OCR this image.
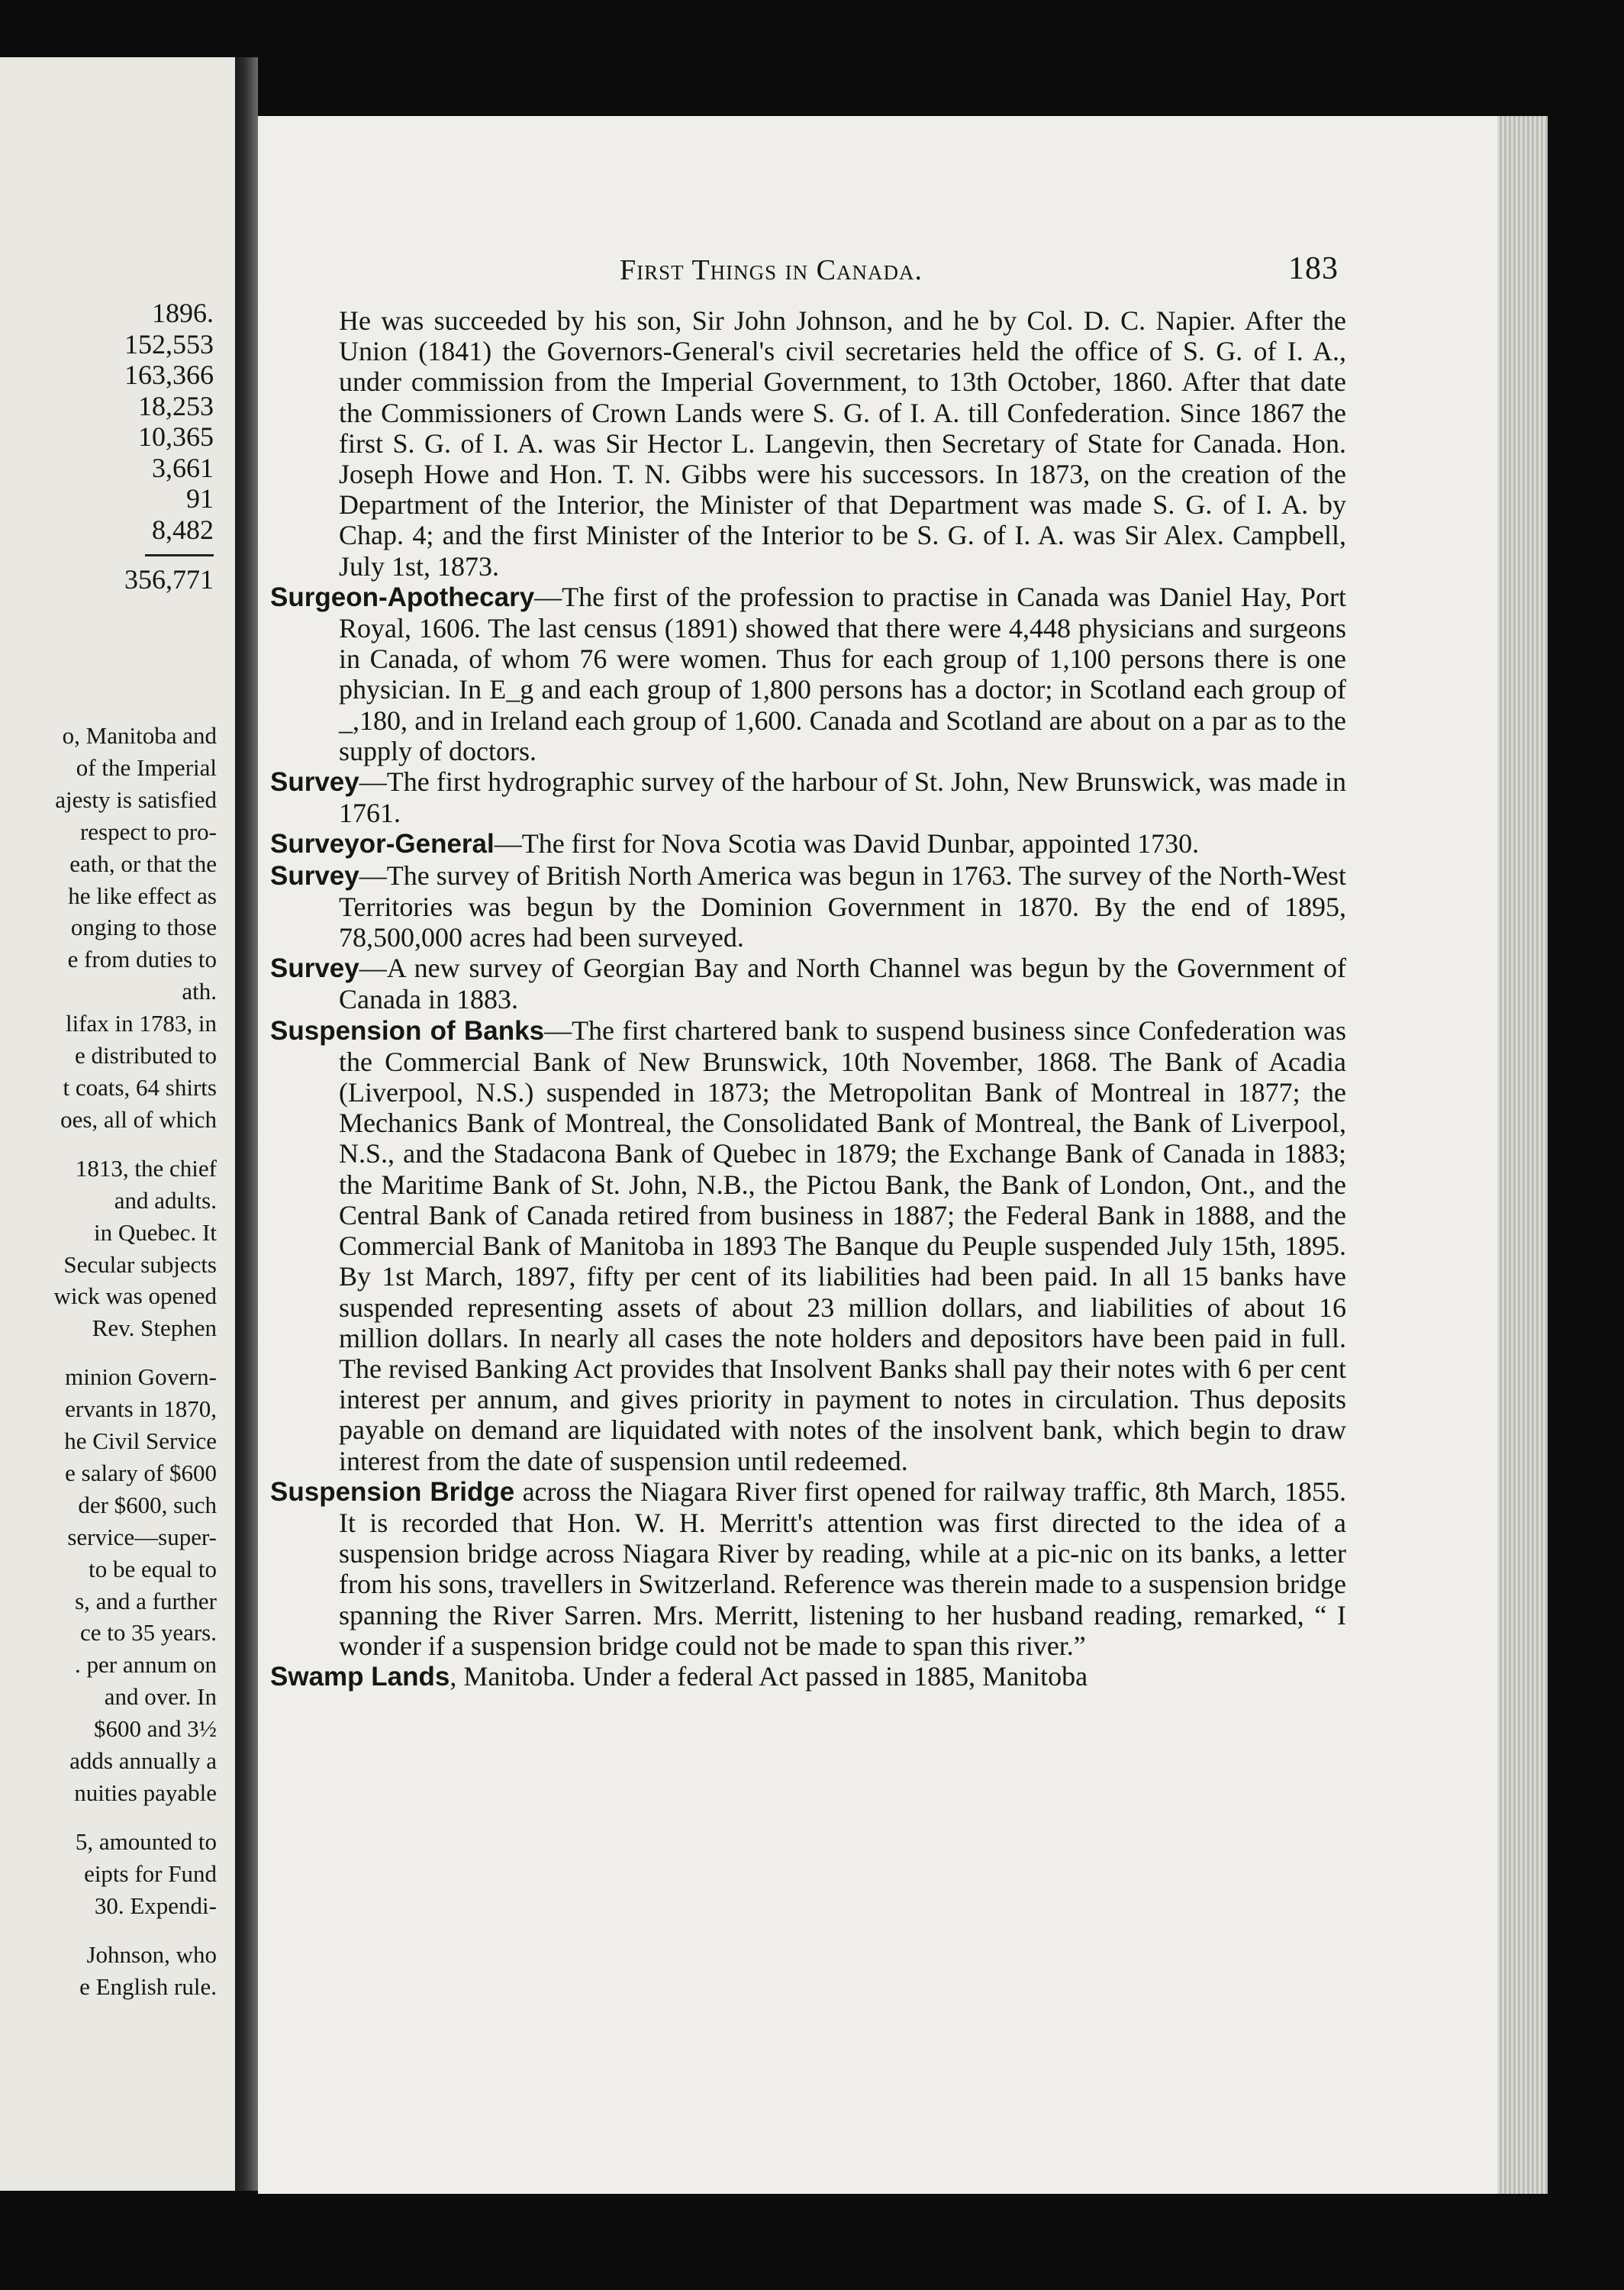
1896.
152,553
163,366
18,253
10,365
3,661
91
8,482
356,771
o, Manitoba and
of the Imperial
ajesty is satisfied
respect to pro-
eath, or that the
he like effect as
onging to those
e from duties to
ath.
lifax in 1783, in
e distributed to
t coats, 64 shirts
oes, all of which
1813, the chief
and adults.
in Quebec. It
Secular subjects
wick was opened
Rev. Stephen
minion Govern-
ervants in 1870,
he Civil Service
e salary of $600
der $600, such
service—super-
to be equal to
s, and a further
ce to 35 years.
. per annum on
and over. In
$600 and 3½
adds annually a
nuities payable
5, amounted to
eipts for Fund
30. Expendi-
Johnson, who
e English rule.
First Things in Canada.	183

He was succeeded by his son, Sir John Johnson, and he by Col. D. C. Napier. After the Union (1841) the Governors-General's civil secretaries held the office of S. G. of I. A., under commission from the Imperial Government, to 13th October, 1860. After that date the Commissioners of Crown Lands were S. G. of I. A. till Confederation. Since 1867 the first S. G. of I. A. was Sir Hector L. Langevin, then Secretary of State for Canada. Hon. Joseph Howe and Hon. T. N. Gibbs were his successors. In 1873, on the creation of the Department of the Interior, the Minister of that Department was made S. G. of I. A. by Chap. 4; and the first Minister of the Interior to be S. G. of I. A. was Sir Alex. Campbell, July 1st, 1873.

Surgeon-Apothecary—The first of the profession to practise in Canada was Daniel Hay, Port Royal, 1606. The last census (1891) showed that there were 4,448 physicians and surgeons in Canada, of whom 76 were women. Thus for each group of 1,100 persons there is one physician. In E_g and each group of 1,800 persons has a doctor; in Scotland each group of _,180, and in Ireland each group of 1,600. Canada and Scotland are about on a par as to the supply of doctors.

Survey—The first hydrographic survey of the harbour of St. John, New Brunswick, was made in 1761.

Surveyor-General—The first for Nova Scotia was David Dunbar, appointed 1730.

Survey—The survey of British North America was begun in 1763. The survey of the North-West Territories was begun by the Dominion Government in 1870. By the end of 1895, 78,500,000 acres had been surveyed.

Survey—A new survey of Georgian Bay and North Channel was begun by the Government of Canada in 1883.

Suspension of Banks—The first chartered bank to suspend business since Confederation was the Commercial Bank of New Brunswick, 10th November, 1868. The Bank of Acadia (Liverpool, N.S.) suspended in 1873; the Metropolitan Bank of Montreal in 1877; the Mechanics Bank of Montreal, the Consolidated Bank of Montreal, the Bank of Liverpool, N.S., and the Stadacona Bank of Quebec in 1879; the Exchange Bank of Canada in 1883; the Maritime Bank of St. John, N.B., the Pictou Bank, the Bank of London, Ont., and the Central Bank of Canada retired from business in 1887; the Federal Bank in 1888, and the Commercial Bank of Manitoba in 1893 The Banque du Peuple suspended July 15th, 1895. By 1st March, 1897, fifty per cent of its liabilities had been paid. In all 15 banks have suspended representing assets of about 23 million dollars, and liabilities of about 16 million dollars. In nearly all cases the note holders and depositors have been paid in full. The revised Banking Act provides that Insolvent Banks shall pay their notes with 6 per cent interest per annum, and gives priority in payment to notes in circulation. Thus deposits payable on demand are liquidated with notes of the insolvent bank, which begin to draw interest from the date of suspension until redeemed.

Suspension Bridge across the Niagara River first opened for railway traffic, 8th March, 1855. It is recorded that Hon. W. H. Merritt's attention was first directed to the idea of a suspension bridge across Niagara River by reading, while at a pic-nic on its banks, a letter from his sons, travellers in Switzerland. Reference was therein made to a suspension bridge spanning the River Sarren. Mrs. Merritt, listening to her husband reading, remarked, “ I wonder if a suspension bridge could not be made to span this river.”

Swamp Lands, Manitoba. Under a federal Act passed in 1885, Manitoba
